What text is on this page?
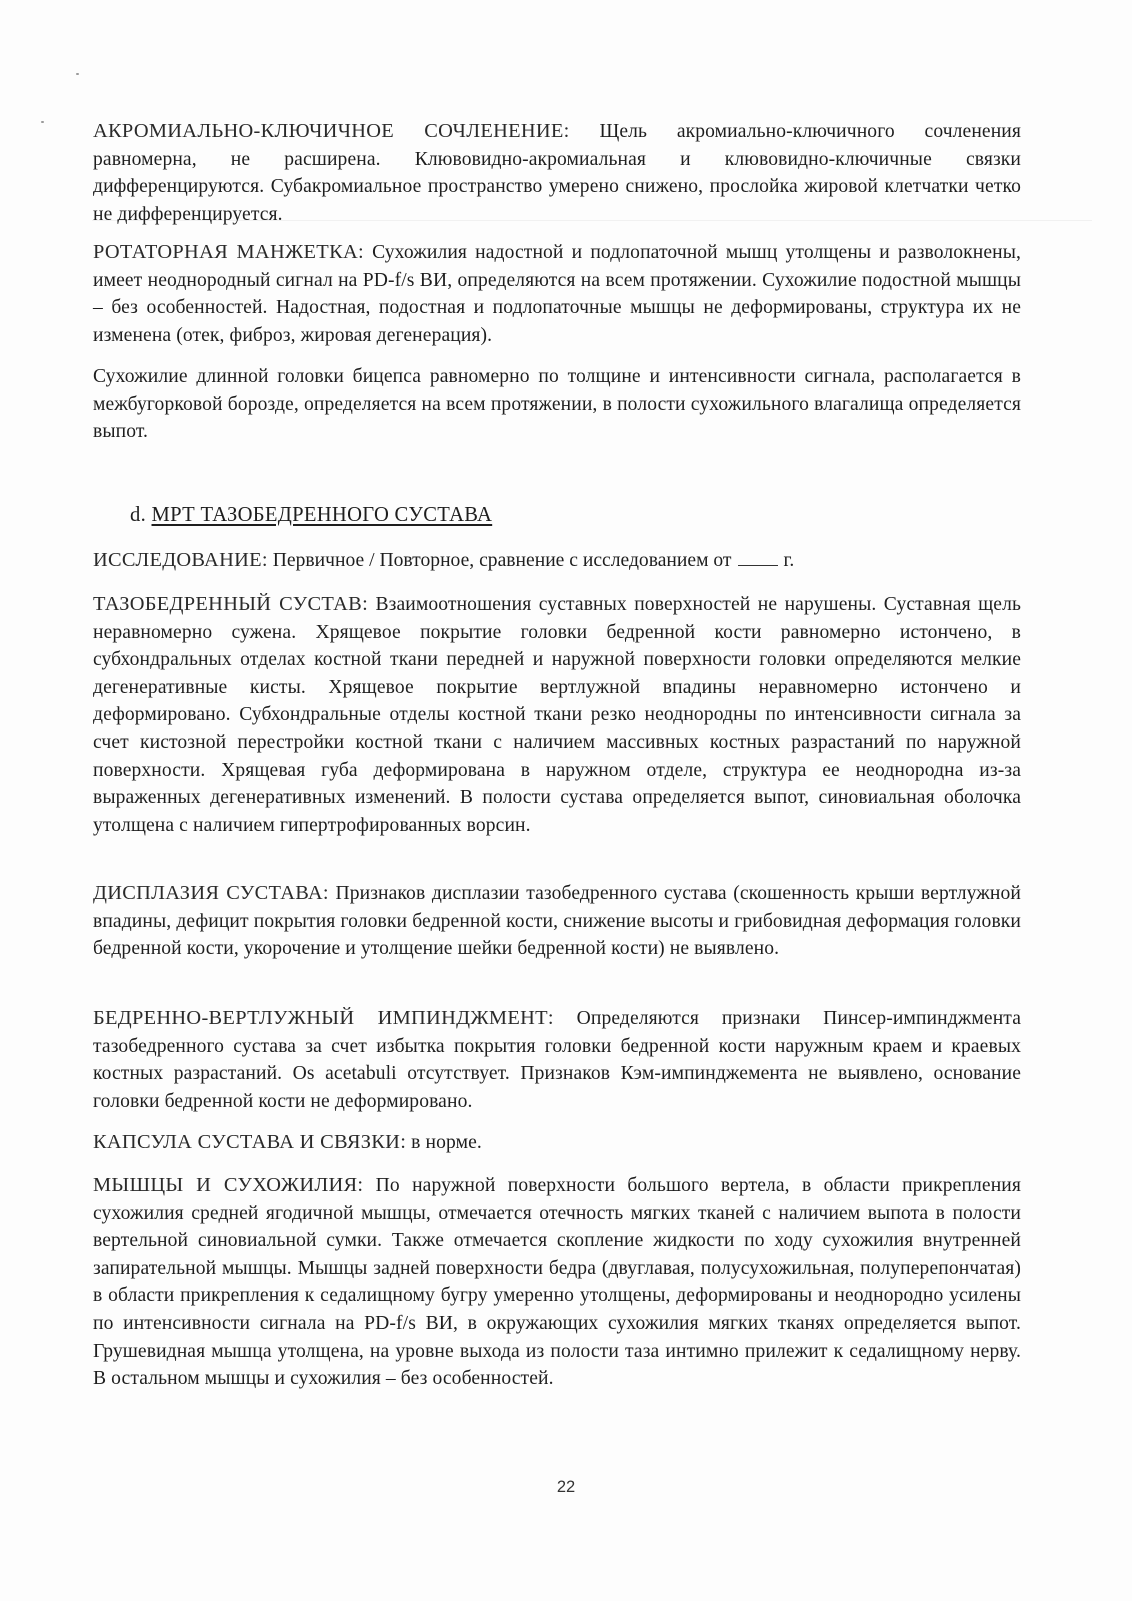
АКРОМИАЛЬНО-КЛЮЧИЧНОЕ СОЧЛЕНЕНИЕ: Щель акромиально-ключичного сочленения равномерна, не расширена. Клювовидно-акромиальная и клювовидно-ключичные связки дифференцируются. Субакромиальное пространство умерено снижено, прослойка жировой клетчатки четко не дифференцируется.

РОТАТОРНАЯ МАНЖЕТКА: Сухожилия надостной и подлопаточной мышц утолщены и разволокнены, имеет неоднородный сигнал на PD-f/s ВИ, определяются на всем протяжении. Сухожилие подостной мышцы – без особенностей. Надостная, подостная и подлопаточные мышцы не деформированы, структура их не изменена (отек, фиброз, жировая дегенерация).

Сухожилие длинной головки бицепса равномерно по толщине и интенсивности сигнала, располагается в межбугорковой борозде, определяется на всем протяжении, в полости сухожильного влагалища определяется выпот.

d. МРТ ТАЗОБЕДРЕННОГО СУСТАВА

ИССЛЕДОВАНИЕ: Первичное / Повторное, сравнение с исследованием от	г.

ТАЗОБЕДРЕННЫЙ СУСТАВ: Взаимоотношения суставных поверхностей не нарушены. Суставная щель неравномерно сужена. Хрящевое покрытие головки бедренной кости равномерно истончено, в субхондральных отделах костной ткани передней и наружной поверхности головки определяются мелкие дегенеративные кисты. Хрящевое покрытие вертлужной впадины неравномерно истончено и деформировано. Субхондральные отделы костной ткани резко неоднородны по интенсивности сигнала за счет кистозной перестройки костной ткани с наличием массивных костных разрастаний по наружной поверхности. Хрящевая губа деформирована в наружном отделе, структура ее неоднородна из-за выраженных дегенеративных изменений. В полости сустава определяется выпот, синовиальная оболочка утолщена с наличием гипертрофированных ворсин.

ДИСПЛАЗИЯ СУСТАВА: Признаков дисплазии тазобедренного сустава (скошенность крыши вертлужной впадины, дефицит покрытия головки бедренной кости, снижение высоты и грибовидная деформация головки бедренной кости, укорочение и утолщение шейки бедренной кости) не выявлено.

БЕДРЕННО-ВЕРТЛУЖНЫЙ ИМПИНДЖМЕНТ: Определяются признаки Пинсер-импинджмента тазобедренного сустава за счет избытка покрытия головки бедренной кости наружным краем и краевых костных разрастаний. Os acetabuli отсутствует. Признаков Кэм-импинджемента не выявлено, основание головки бедренной кости не деформировано.

КАПСУЛА СУСТАВА И СВЯЗКИ: в норме.

МЫШЦЫ И СУХОЖИЛИЯ: По наружной поверхности большого вертела, в области прикрепления сухожилия средней ягодичной мышцы, отмечается отечность мягких тканей с наличием выпота в полости вертельной синовиальной сумки. Также отмечается скопление жидкости по ходу сухожилия внутренней запирательной мышцы. Мышцы задней поверхности бедра (двуглавая, полусухожильная, полуперепончатая) в области прикрепления к седалищному бугру умеренно утолщены, деформированы и неоднородно усилены по интенсивности сигнала на PD-f/s ВИ, в окружающих сухожилия мягких тканях определяется выпот. Грушевидная мышца утолщена, на уровне выхода из полости таза интимно прилежит к седалищному нерву. В остальном мышцы и сухожилия – без особенностей.

22
